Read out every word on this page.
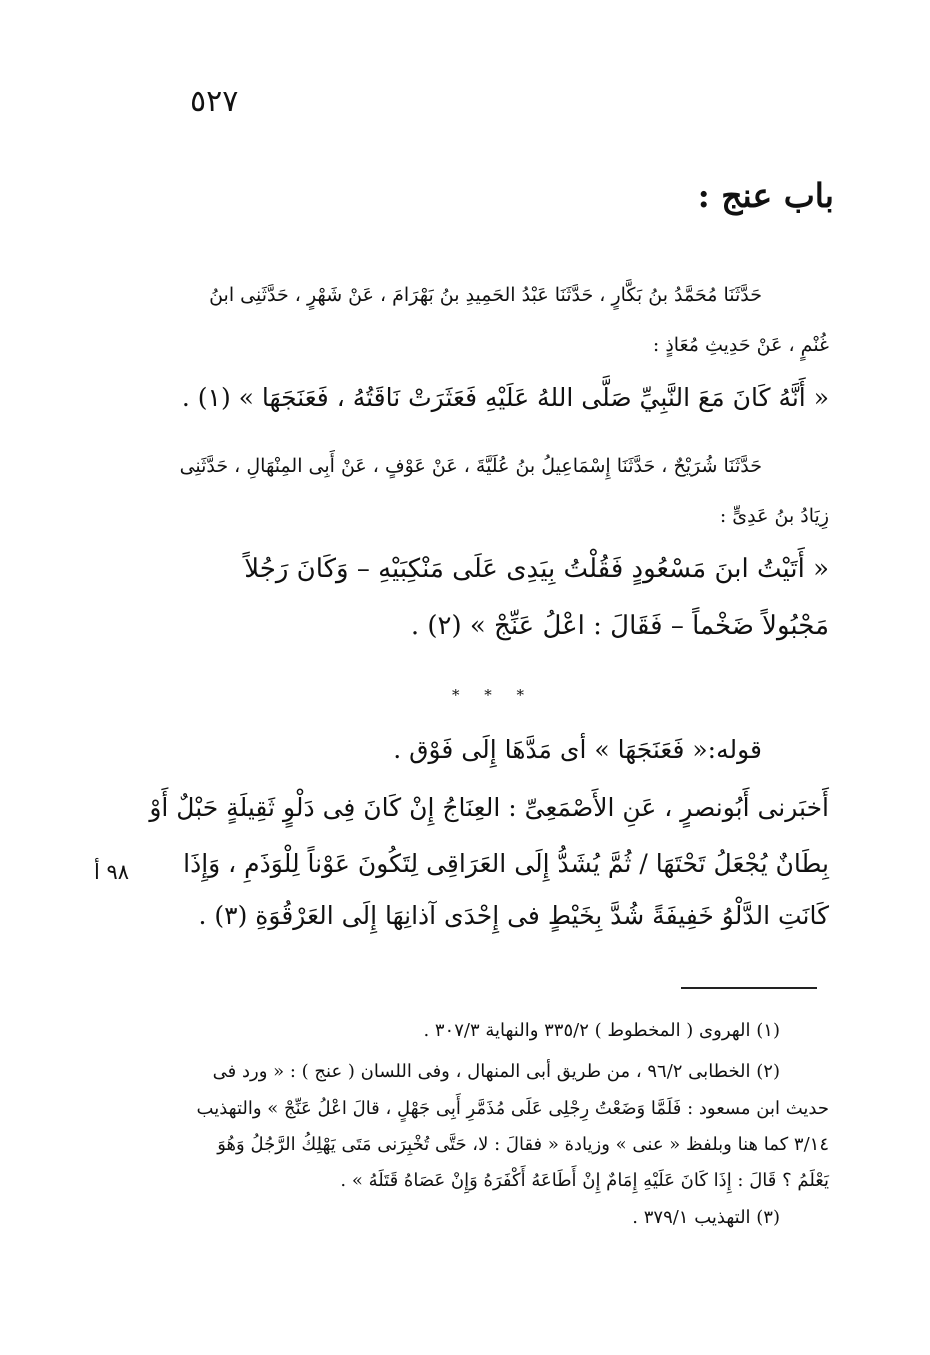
٥٢٧
باب عنج :
حَدَّثَنَا مُحَمَّدُ بنُ بَكَّارٍ ، حَدَّثَنَا عَبْدُ الحَمِيدِ بنُ بَهْرَامَ ، عَنْ شَهْرٍ ، حَدَّثَنِى ابنُ
غُنْمٍ ، عَنْ حَدِيثِ مُعَاذٍ :
« أَنَّهُ كَانَ مَعَ النَّبِيِّ صَلَّى اللهُ عَلَيْهِ فَعَثَرَتْ نَاقَتُهُ ، فَعَنَجَهَا » (١) .
حَدَّثَنَا شُرَيْحٌ ، حَدَّثَنَا إِسْمَاعِيلُ بنُ عُلَيَّةَ ، عَنْ عَوْفٍ ، عَنْ أَبِى المِنْهَالِ ، حَدَّثَنِى
زِيَادُ بنُ عَدِىٍّ :
« أَتَيْتُ ابنَ مَسْعُودٍ فَقُلْتُ بِيَدِى عَلَى مَنْكِبَيْهِ – وَكَانَ رَجُلاً
مَجْبُولاً ضَخْماً – فَقَالَ : اعْلُ عَنِّجْ » (٢) .
* * *
قوله:« فَعَنَجَهَا » أى مَدَّهَا إِلَى فَوْق .
أَخبَرنى أَبُونصرٍ ، عَنِ الأَصْمَعِىِّ : العِنَاجُ إِنْ كَانَ فِى دَلْوٍ ثَقِيلَةٍ حَبْلٌ أَوْ
بِطَانٌ يُجْعَلُ تَحْتَهَا / ثُمَّ يُشَدُّ إِلَى العَرَاقِى لِتَكُونَ عَوْناً لِلْوَذَمِ ، وَإِذَا
٩٨ أ
كَانَتِ الدَّلْوُ خَفِيفَةً شُدَّ بِخَيْطٍ فى إِحْدَى آذانِهَا إِلَى العَرْقُوَةِ (٣) .
(١) الهروى ( المخطوط ) ٣٣٥/٢ والنهاية ٣٠٧/٣ .
(٢) الخطابى ٩٦/٢ ، من طريق أبى المنهال ، وفى اللسان ( عنج ) : « ورد فى
حديث ابن مسعود : فَلَمَّا وَضَعْتُ رِجْلِى عَلَى مُذَمَّرِ أَبِى جَهْلٍ ، قالَ اعْلُ عَنِّجْ » والتهذيب
٣/١٤ كما هنا وبلفظ « عنى » وزيادة « فقالَ : لا، حَتَّى تُخْبِرَنى مَتَى يَهْلِكُ الرَّجُلُ وَهُوَ
يَعْلَمُ ؟ قَالَ : إِذَا كَانَ عَلَيْهِ إِمَامٌ إِنْ أَطَاعَهُ أَكْفَرَهُ وَإِنْ عَصَاهُ قَتَلَهُ » .
(٣) التهذيب ٣٧٩/١ .
